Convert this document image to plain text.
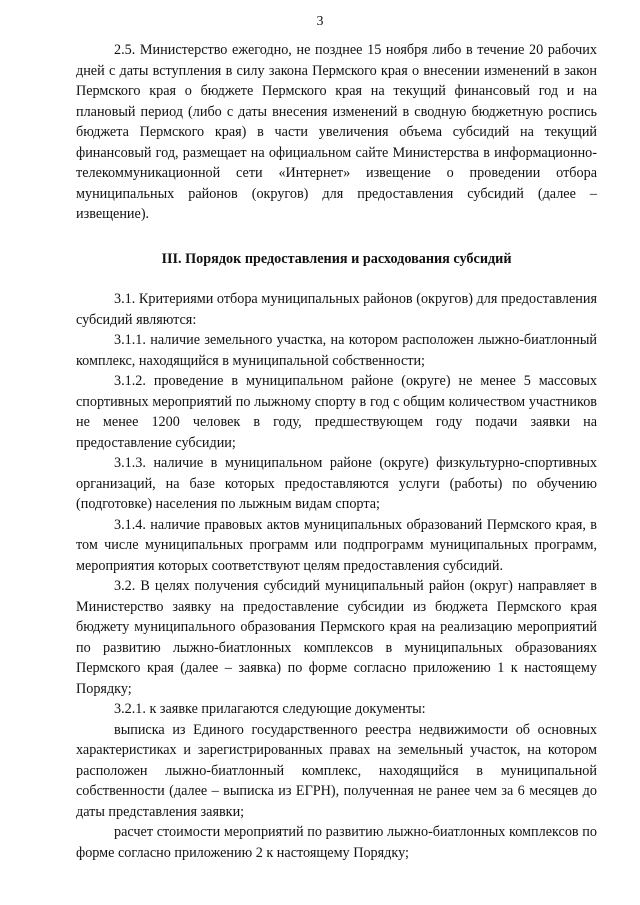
3

2.5. Министерство ежегодно, не позднее 15 ноября либо в течение 20 рабочих дней с даты вступления в силу закона Пермского края о внесении изменений в закон Пермского края о бюджете Пермского края на текущий финансовый год и на плановый период (либо с даты внесения изменений в сводную бюджетную роспись бюджета Пермского края) в части увеличения объема субсидий на текущий финансовый год, размещает на официальном сайте Министерства в информационно-телекоммуникационной сети «Интернет» извещение о проведении отбора муниципальных районов (округов) для предоставления субсидий (далее – извещение).

III. Порядок предоставления и расходования субсидий

3.1. Критериями отбора муниципальных районов (округов) для предоставления субсидий являются:

3.1.1. наличие земельного участка, на котором расположен лыжно-биатлонный комплекс, находящийся в муниципальной собственности;

3.1.2. проведение в муниципальном районе (округе) не менее 5 массовых спортивных мероприятий по лыжному спорту в год с общим количеством участников не менее 1200 человек в году, предшествующем году подачи заявки на предоставление субсидии;

3.1.3. наличие в муниципальном районе (округе) физкультурно-спортивных организаций, на базе которых предоставляются услуги (работы) по обучению (подготовке) населения по лыжным видам спорта;

3.1.4. наличие правовых актов муниципальных образований Пермского края, в том числе муниципальных программ или подпрограмм муниципальных программ, мероприятия которых соответствуют целям предоставления субсидий.

3.2. В целях получения субсидий муниципальный район (округ) направляет в Министерство заявку на предоставление субсидии из бюджета Пермского края бюджету муниципального образования Пермского края на реализацию мероприятий по развитию лыжно-биатлонных комплексов в муниципальных образованиях Пермского края (далее – заявка) по форме согласно приложению 1 к настоящему Порядку;

3.2.1. к заявке прилагаются следующие документы:

выписка из Единого государственного реестра недвижимости об основных характеристиках и зарегистрированных правах на земельный участок, на котором расположен лыжно-биатлонный комплекс, находящийся в муниципальной собственности (далее – выписка из ЕГРН), полученная не ранее чем за 6 месяцев до даты представления заявки;

расчет стоимости мероприятий по развитию лыжно-биатлонных комплексов по форме согласно приложению 2 к настоящему Порядку;
